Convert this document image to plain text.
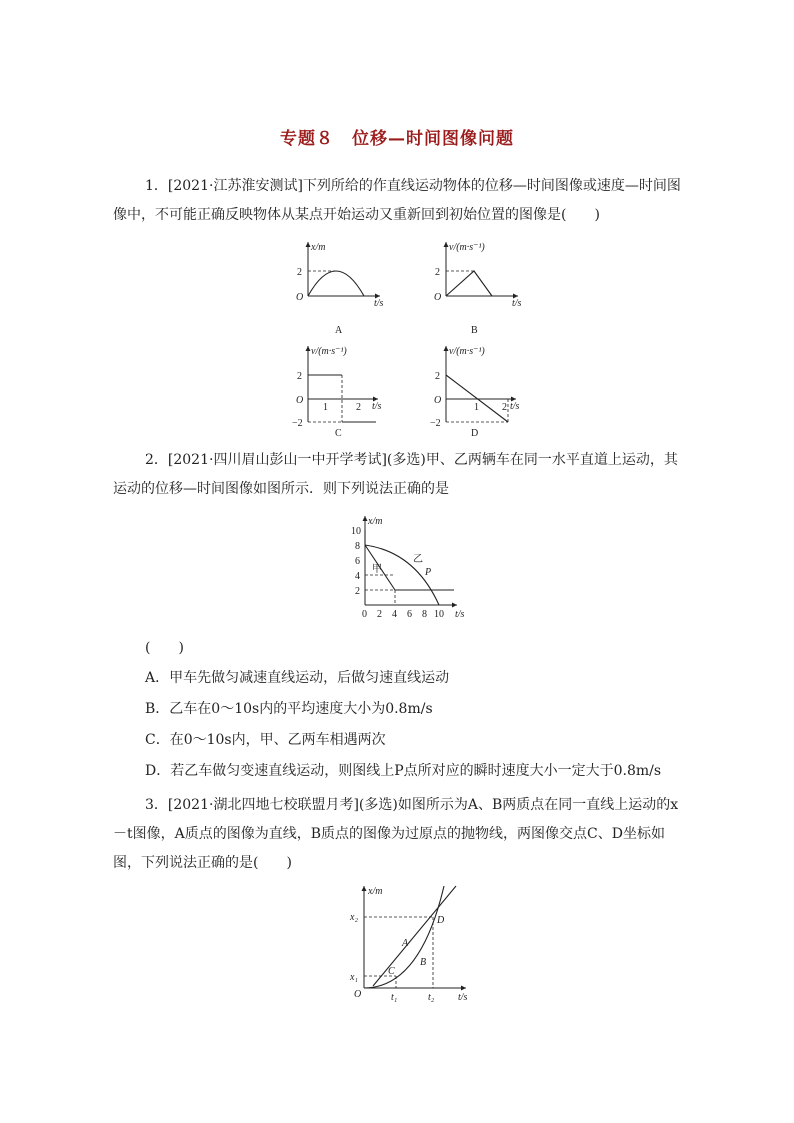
专题８　位移—时间图像问题

1．[2021·江苏淮安测试]下列所给的作直线运动物体的位移—时间图像或速度—时间图像中，不可能正确反映物体从某点开始运动又重新回到初始位置的图像是(　　)

x/m
t/s
O
2
A
v/(m·s⁻¹)
t/s
O
2
B
v/(m·s⁻¹)
t/s
O
2
−2
1	2
C
v/(m·s⁻¹)
t/s
O
2
−2
1 2
D

2．[2021·四川眉山彭山一中开学考试](多选)甲、乙两辆车在同一水平直道上运动，其运动的位移—时间图像如图所示．则下列说法正确的是

x/m
t/s
10
8
6
4
2
0 2 4 6 8 10
甲
乙
P
(　　)
A．甲车先做匀减速直线运动，后做匀速直线运动
B．乙车在0～10s内的平均速度大小为0.8m/s
C．在0～10s内，甲、乙两车相遇两次
D．若乙车做匀变速直线运动，则图线上P点所对应的瞬时速度大小一定大于0.8m/s

3．[2021·湖北四地七校联盟月考](多选)如图所示为A、B两质点在同一直线上运动的x－t图像，A质点的图像为直线，B质点的图像为过原点的抛物线，两图像交点C、D坐标如图，下列说法正确的是(　　)

x/m
t/s
O
x₂
x₁
t₁	t₂
A
B
C
D
